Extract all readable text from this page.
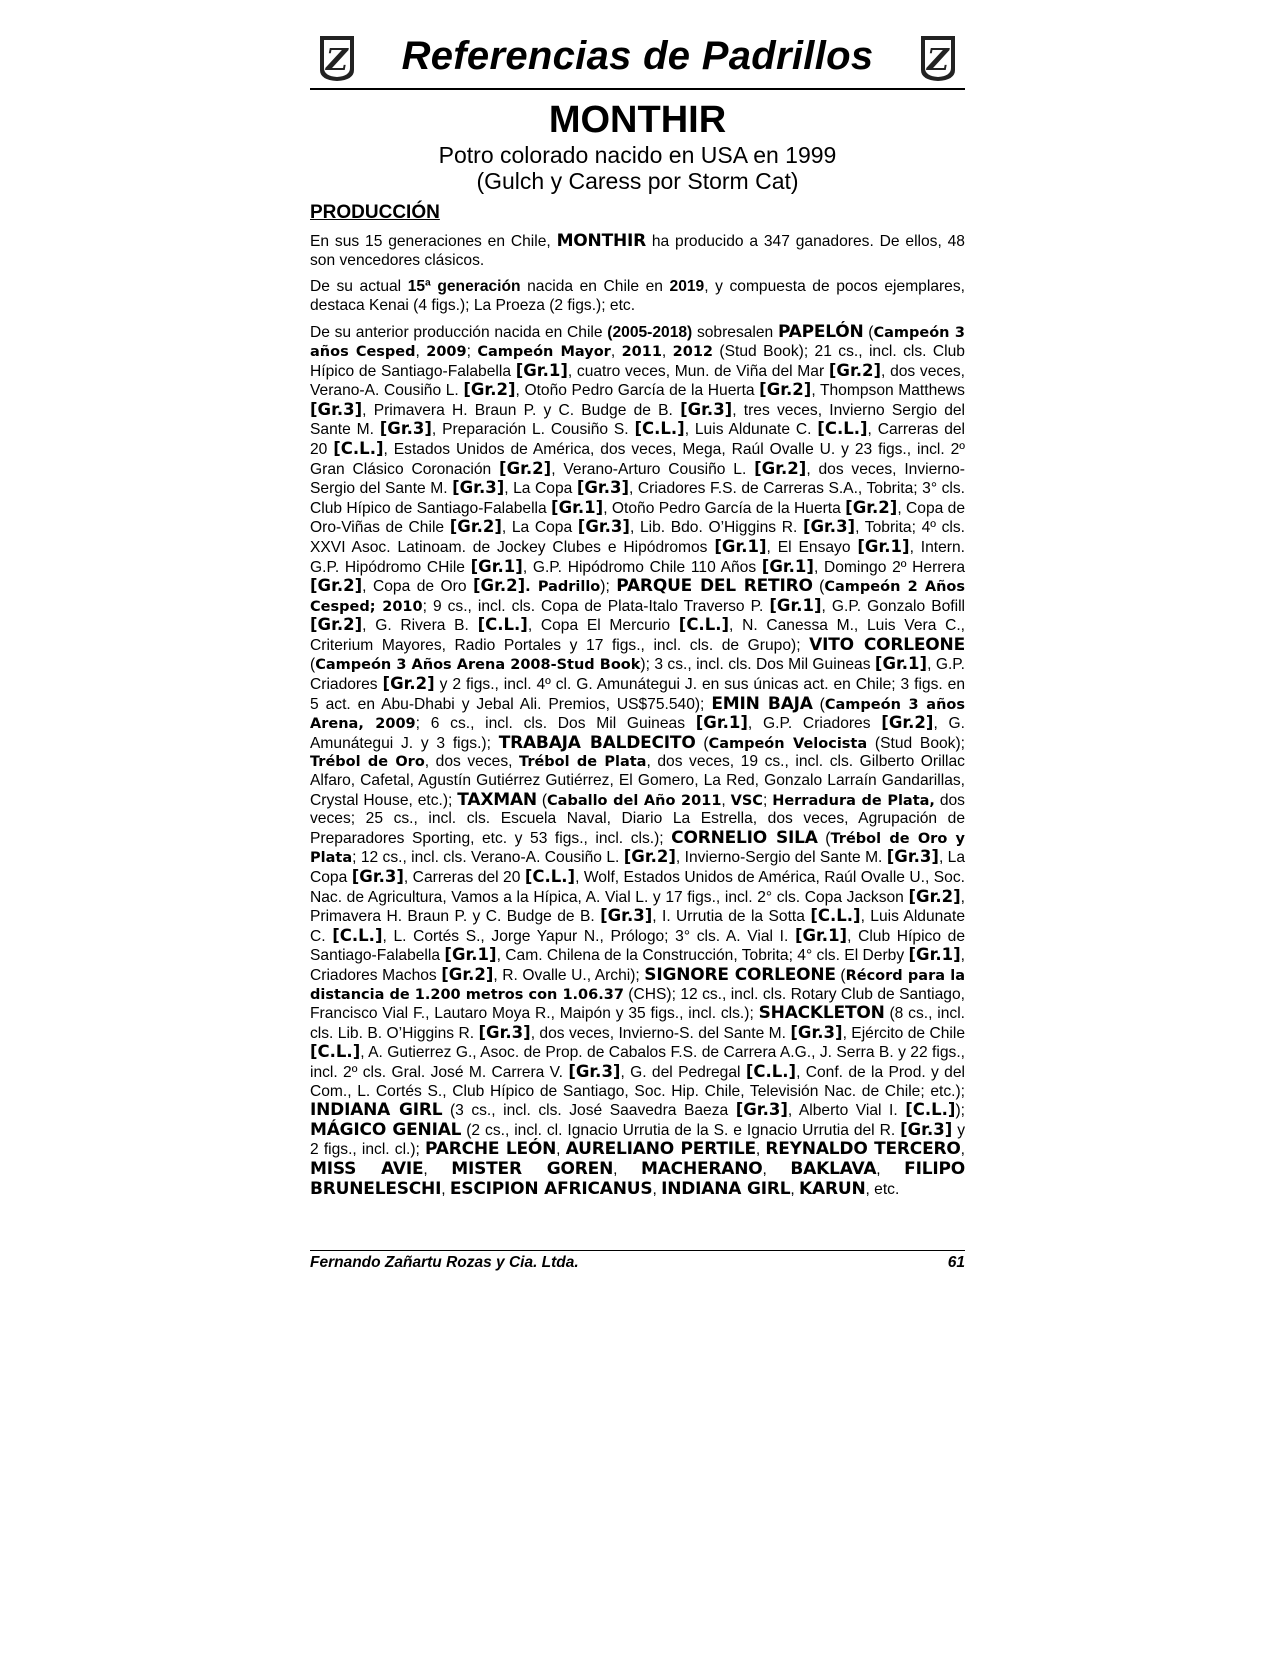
Z	Referencias de Padrillos	Z
MONTHIR
Potro colorado nacido en USA en 1999
(Gulch y Caress por Storm Cat)
PRODUCCIÓN

En sus 15 generaciones en Chile, MONTHIR ha producido a 347 ganadores. De ellos, 48 son vencedores clásicos.

De su actual 15ª generación nacida en Chile en 2019, y compuesta de pocos ejemplares, destaca Kenai (4 figs.); La Proeza (2 figs.); etc.

De su anterior producción nacida en Chile (2005-2018) sobresalen PAPELÓN (Campeón 3 años Cesped, 2009; Campeón Mayor, 2011, 2012 (Stud Book); 21 cs., incl. cls. Club Hípico de Santiago-Falabella [Gr.1], cuatro veces, Mun. de Viña del Mar [Gr.2], dos veces, Verano-A. Cousiño L. [Gr.2], Otoño Pedro García de la Huerta [Gr.2], Thompson Matthews [Gr.3], Primavera H. Braun P. y C. Budge de B. [Gr.3], tres veces, Invierno Sergio del Sante M. [Gr.3], Preparación L. Cousiño S. [C.L.], Luis Aldunate C. [C.L.], Carreras del 20 [C.L.], Estados Unidos de América, dos veces, Mega, Raúl Ovalle U. y 23 figs., incl. 2º Gran Clásico Coronación [Gr.2], Verano-Arturo Cousiño L. [Gr.2], dos veces, Invierno-Sergio del Sante M. [Gr.3], La Copa [Gr.3], Criadores F.S. de Carreras S.A., Tobrita; 3° cls. Club Hípico de Santiago-Falabella [Gr.1], Otoño Pedro García de la Huerta [Gr.2], Copa de Oro-Viñas de Chile [Gr.2], La Copa [Gr.3], Lib. Bdo. O’Higgins R. [Gr.3], Tobrita; 4º cls. XXVI Asoc. Latinoam. de Jockey Clubes e Hipódromos [Gr.1], El Ensayo [Gr.1], Intern. G.P. Hipódromo CHile [Gr.1], G.P. Hipódromo Chile 110 Años [Gr.1], Domingo 2º Herrera [Gr.2], Copa de Oro [Gr.2]. Padrillo); PARQUE DEL RETIRO (Campeón 2 Años Cesped; 2010; 9 cs., incl. cls. Copa de Plata-Italo Traverso P. [Gr.1], G.P. Gonzalo Bofill [Gr.2], G. Rivera B. [C.L.], Copa El Mercurio [C.L.], N. Canessa M., Luis Vera C., Criterium Mayores, Radio Portales y 17 figs., incl. cls. de Grupo); VITO CORLEONE (Campeón 3 Años Arena 2008-Stud Book); 3 cs., incl. cls. Dos Mil Guineas [Gr.1], G.P. Criadores [Gr.2] y 2 figs., incl. 4º cl. G. Amunátegui J. en sus únicas act. en Chile; 3 figs. en 5 act. en Abu-Dhabi y Jebal Ali. Premios, US$75.540); EMIN BAJA (Campeón 3 años Arena, 2009; 6 cs., incl. cls. Dos Mil Guineas [Gr.1], G.P. Criadores [Gr.2], G. Amunátegui J. y 3 figs.); TRABAJA BALDECITO (Campeón Velocista (Stud Book); Trébol de Oro, dos veces, Trébol de Plata, dos veces, 19 cs., incl. cls. Gilberto Orillac Alfaro, Cafetal, Agustín Gutiérrez Gutiérrez, El Gomero, La Red, Gonzalo Larraín Gandarillas, Crystal House, etc.); TAXMAN (Caballo del Año 2011, VSC; Herradura de Plata, dos veces; 25 cs., incl. cls. Escuela Naval, Diario La Estrella, dos veces, Agrupación de Preparadores Sporting, etc. y 53 figs., incl. cls.); CORNELIO SILA (Trébol de Oro y Plata; 12 cs., incl. cls. Verano-A. Cousiño L. [Gr.2], Invierno-Sergio del Sante M. [Gr.3], La Copa [Gr.3], Carreras del 20 [C.L.], Wolf, Estados Unidos de América, Raúl Ovalle U., Soc. Nac. de Agricultura, Vamos a la Hípica, A. Vial L. y 17 figs., incl. 2° cls. Copa Jackson [Gr.2], Primavera H. Braun P. y C. Budge de B. [Gr.3], I. Urrutia de la Sotta [C.L.], Luis Aldunate C. [C.L.], L. Cortés S., Jorge Yapur N., Prólogo; 3° cls. A. Vial I. [Gr.1], Club Hípico de Santiago-Falabella [Gr.1], Cam. Chilena de la Construcción, Tobrita; 4° cls. El Derby [Gr.1], Criadores Machos [Gr.2], R. Ovalle U., Archi); SIGNORE CORLEONE (Récord para la distancia de 1.200 metros con 1.06.37 (CHS); 12 cs., incl. cls. Rotary Club de Santiago, Francisco Vial F., Lautaro Moya R., Maipón y 35 figs., incl. cls.); SHACKLETON (8 cs., incl. cls. Lib. B. O’Higgins R. [Gr.3], dos veces, Invierno-S. del Sante M. [Gr.3], Ejército de Chile [C.L.], A. Gutierrez G., Asoc. de Prop. de Cabalos F.S. de Carrera A.G., J. Serra B. y 22 figs., incl. 2º cls. Gral. José M. Carrera V. [Gr.3], G. del Pedregal [C.L.], Conf. de la Prod. y del Com., L. Cortés S., Club Hípico de Santiago, Soc. Hip. Chile, Televisión Nac. de Chile; etc.); INDIANA GIRL (3 cs., incl. cls. José Saavedra Baeza [Gr.3], Alberto Vial I. [C.L.]); MÁGICO GENIAL (2 cs., incl. cl. Ignacio Urrutia de la S. e Ignacio Urrutia del R. [Gr.3] y 2 figs., incl. cl.); PARCHE LEÓN, AURELIANO PERTILE, REYNALDO TERCERO, MISS AVIE, MISTER GOREN, MACHERANO, BAKLAVA, FILIPO BRUNELESCHI, ESCIPION AFRICANUS, INDIANA GIRL, KARUN, etc.

Fernando Zañartu Rozas y Cia. Ltda.	61
